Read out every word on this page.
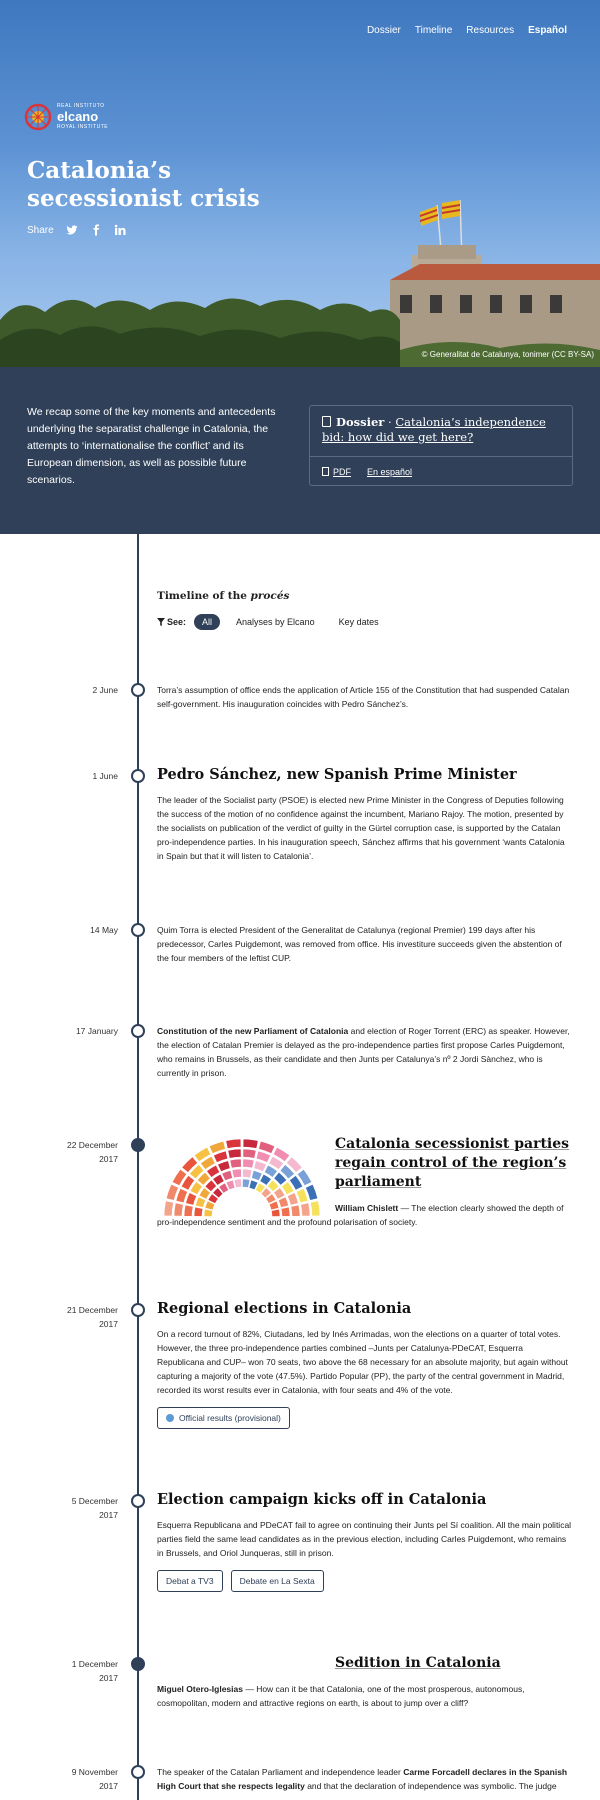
Dossier Timeline Resources Español
REAL INSTITUTO
elcano
ROYAL INSTITUTE
Catalonia’s secessionist crisis
Share
© Generalitat de Catalunya, tonimer (CC BY-SA)

We recap some of the key moments and antecedents underlying the separatist challenge in Catalonia, the attempts to ‘internationalise the conflict’ and its European dimension, as well as possible future scenarios.

Dossier · Catalonia’s independence bid: how did we get here?
PDF En español
Timeline of the procés
See:	All	Analyses by Elcano	Key dates
2 June	Torra’s assumption of office ends the application of Article 155 of the Constitution that had suspended Catalan self-government. His inauguration coincides with Pedro Sánchez’s.

1 June	Pedro Sánchez, new Spanish Prime Minister

The leader of the Socialist party (PSOE) is elected new Prime Minister in the Congress of Deputies following the success of the motion of no confidence against the incumbent, Mariano Rajoy. The motion, presented by the socialists on publication of the verdict of guilty in the Gürtel corruption case, is supported by the Catalan pro-independence parties. In his inauguration speech, Sánchez affirms that his government ‘wants Catalonia in Spain but that it will listen to Catalonia’.

14 May	Quim Torra is elected President of the Generalitat de Catalunya (regional Premier) 199 days after his predecessor, Carles Puigdemont, was removed from office. His investiture succeeds given the abstention of the four members of the leftist CUP.

17 January	Constitution of the new Parliament of Catalonia and election of Roger Torrent (ERC) as speaker. However, the election of Catalan Premier is delayed as the pro-independence parties first propose Carles Puigdemont, who remains in Brussels, as their candidate and then Junts per Catalunya’s nº 2 Jordi Sànchez, who is currently in prison.

22 December
2017
Catalonia secessionist parties regain control of the region’s parliament

William Chislett — The election clearly showed the depth of pro-independence sentiment and the profound polarisation of society.

21 December
2017
Regional elections in Catalonia

On a record turnout of 82%, Ciutadans, led by Inés Arrimadas, won the elections on a quarter of total votes. However, the three pro-independence parties combined –Junts per Catalunya-PDeCAT, Esquerra Republicana and CUP– won 70 seats, two above the 68 necessary for an absolute majority, but again without capturing a majority of the vote (47.5%). Partido Popular (PP), the party of the central government in Madrid, recorded its worst results ever in Catalonia, with four seats and 4% of the vote.

Official results (provisional)
5 December
2017
Election campaign kicks off in Catalonia

Esquerra Republicana and PDeCAT fail to agree on continuing their Junts pel Sí coalition. All the main political parties field the same lead candidates as in the previous election, including Carles Puigdemont, who remains in Brussels, and Oriol Junqueras, still in prison.

Debat a TV3	Debate en La Sexta
1 December
2017
Sedition in Catalonia

Miguel Otero-Iglesias — How can it be that Catalonia, one of the most prosperous, autonomous, cosmopolitan, modern and attractive regions on earth, is about to jump over a cliff?

9 November
2017

The speaker of the Catalan Parliament and independence leader Carme Forcadell declares in the Spanish High Court that she respects legality and that the declaration of independence was symbolic. The judge
